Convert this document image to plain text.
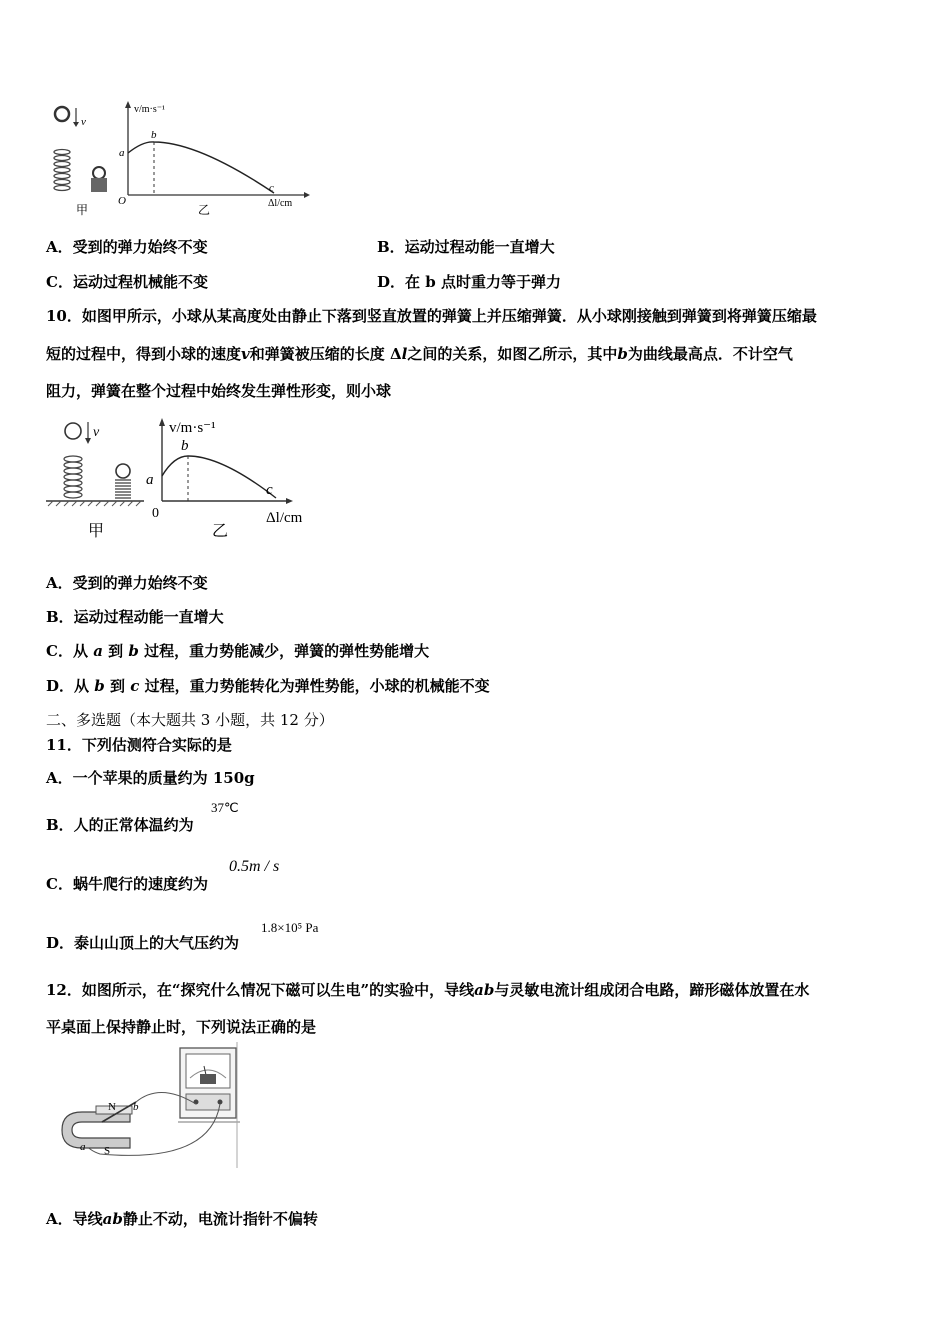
v
甲
v/m·s⁻¹
Δl/cm
O
a
b
c
乙
A．受到的弹力始终不变	B．运动过程动能一直增大
C．运动过程机械能不变	D．在 b 点时重力等于弹力
10．如图甲所示，小球从某高度处由静止下落到竖直放置的弹簧上并压缩弹簧．从小球刚接触到弹簧到将弹簧压缩最
短的过程中，得到小球的速度v和弹簧被压缩的长度 Δl之间的关系，如图乙所示，其中b为曲线最高点．不计空气
阻力，弹簧在整个过程中始终发生弹性形变，则小球
v
甲
v/m·s⁻¹
Δl/cm
0
a
b
c
乙
A．受到的弹力始终不变
B．运动过程动能一直增大
C．从 a 到 b 过程，重力势能减少，弹簧的弹性势能增大
D．从 b 到 c 过程，重力势能转化为弹性势能，小球的机械能不变
二、多选题（本大题共 3 小题，共 12 分）
11．下列估测符合实际的是
A．一个苹果的质量约为 150g
B．人的正常体温约为
37℃
C．蜗牛爬行的速度约为
0.5m / s
D．泰山山顶上的大气压约为
1.8×10⁵ Pa
12．如图所示，在“探究什么情况下磁可以生电”的实验中，导线ab与灵敏电流计组成闭合电路，蹄形磁体放置在水
平桌面上保持静止时，下列说法正确的是
N
S
a
b
A．导线ab静止不动，电流计指针不偏转
